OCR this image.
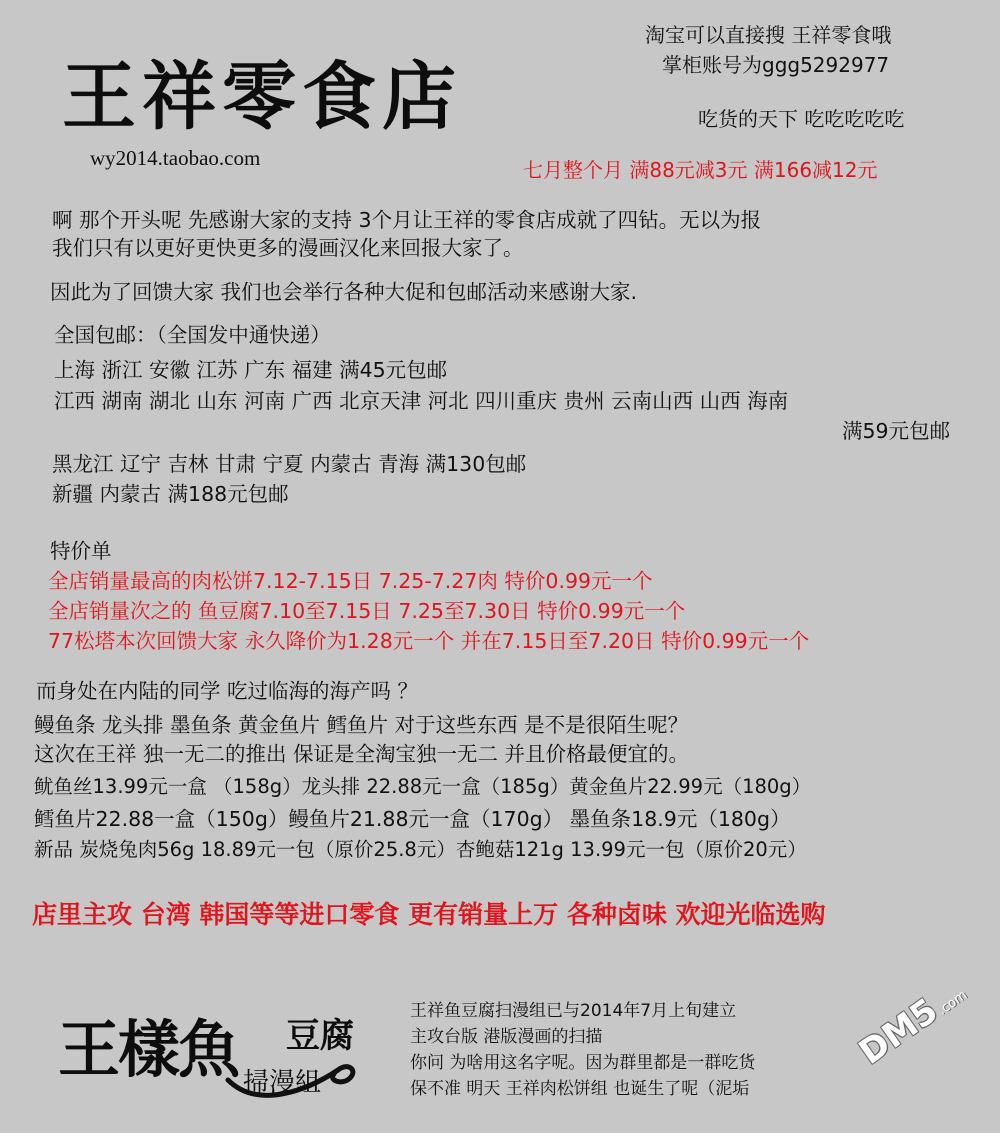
王祥零食店
wy2014.taobao.com
淘宝可以直接搜 王祥零食哦
掌柜账号为ggg5292977
吃货的天下 吃吃吃吃吃
七月整个月 满88元减3元 满166减12元
啊 那个开头呢 先感谢大家的支持 3个月让王祥的零食店成就了四钻。无以为报
我们只有以更好更快更多的漫画汉化来回报大家了。
因此为了回馈大家 我们也会举行各种大促和包邮活动来感谢大家.
全国包邮：（全国发中通快递）
上海 浙江 安徽 江苏 广东 福建 满45元包邮
江西 湖南 湖北 山东 河南 广西 北京天津 河北 四川重庆 贵州 云南山西 山西 海南
满59元包邮
黑龙江 辽宁 吉林 甘肃 宁夏 内蒙古 青海 满130包邮
新疆 内蒙古 满188元包邮
特价单
全店销量最高的肉松饼7.12-7.15日 7.25-7.27肉 特价0.99元一个
全店销量次之的 鱼豆腐7.10至7.15日 7.25至7.30日 特价0.99元一个
77松塔本次回馈大家 永久降价为1.28元一个 并在7.15日至7.20日 特价0.99元一个
而身处在内陆的同学 吃过临海的海产吗 ？
鳗鱼条 龙头排 墨鱼条 黄金鱼片 鳕鱼片 对于这些东西 是不是很陌生呢？
这次在王祥 独一无二的推出 保证是全淘宝独一无二 并且价格最便宜的。
鱿鱼丝13.99元一盒 （158g）龙头排 22.88元一盒（185g）黄金鱼片22.99元（180g）
鳕鱼片22.88一盒（150g）鳗鱼片21.88元一盒（170g） 墨鱼条18.9元（180g）
新品 炭烧兔肉56g 18.89元一包（原价25.8元）杏鲍菇121g 13.99元一包（原价20元）
店里主攻 台湾 韩国等等进口零食 更有销量上万 各种卤味 欢迎光临选购
王樣魚 豆腐
掃漫組
王祥鱼豆腐扫漫组已与2014年7月上旬建立
主攻台版 港版漫画的扫描
你问 为啥用这名字呢。因为群里都是一群吃货
保不准 明天 王祥肉松饼组 也诞生了呢（泥垢
DM5.com
